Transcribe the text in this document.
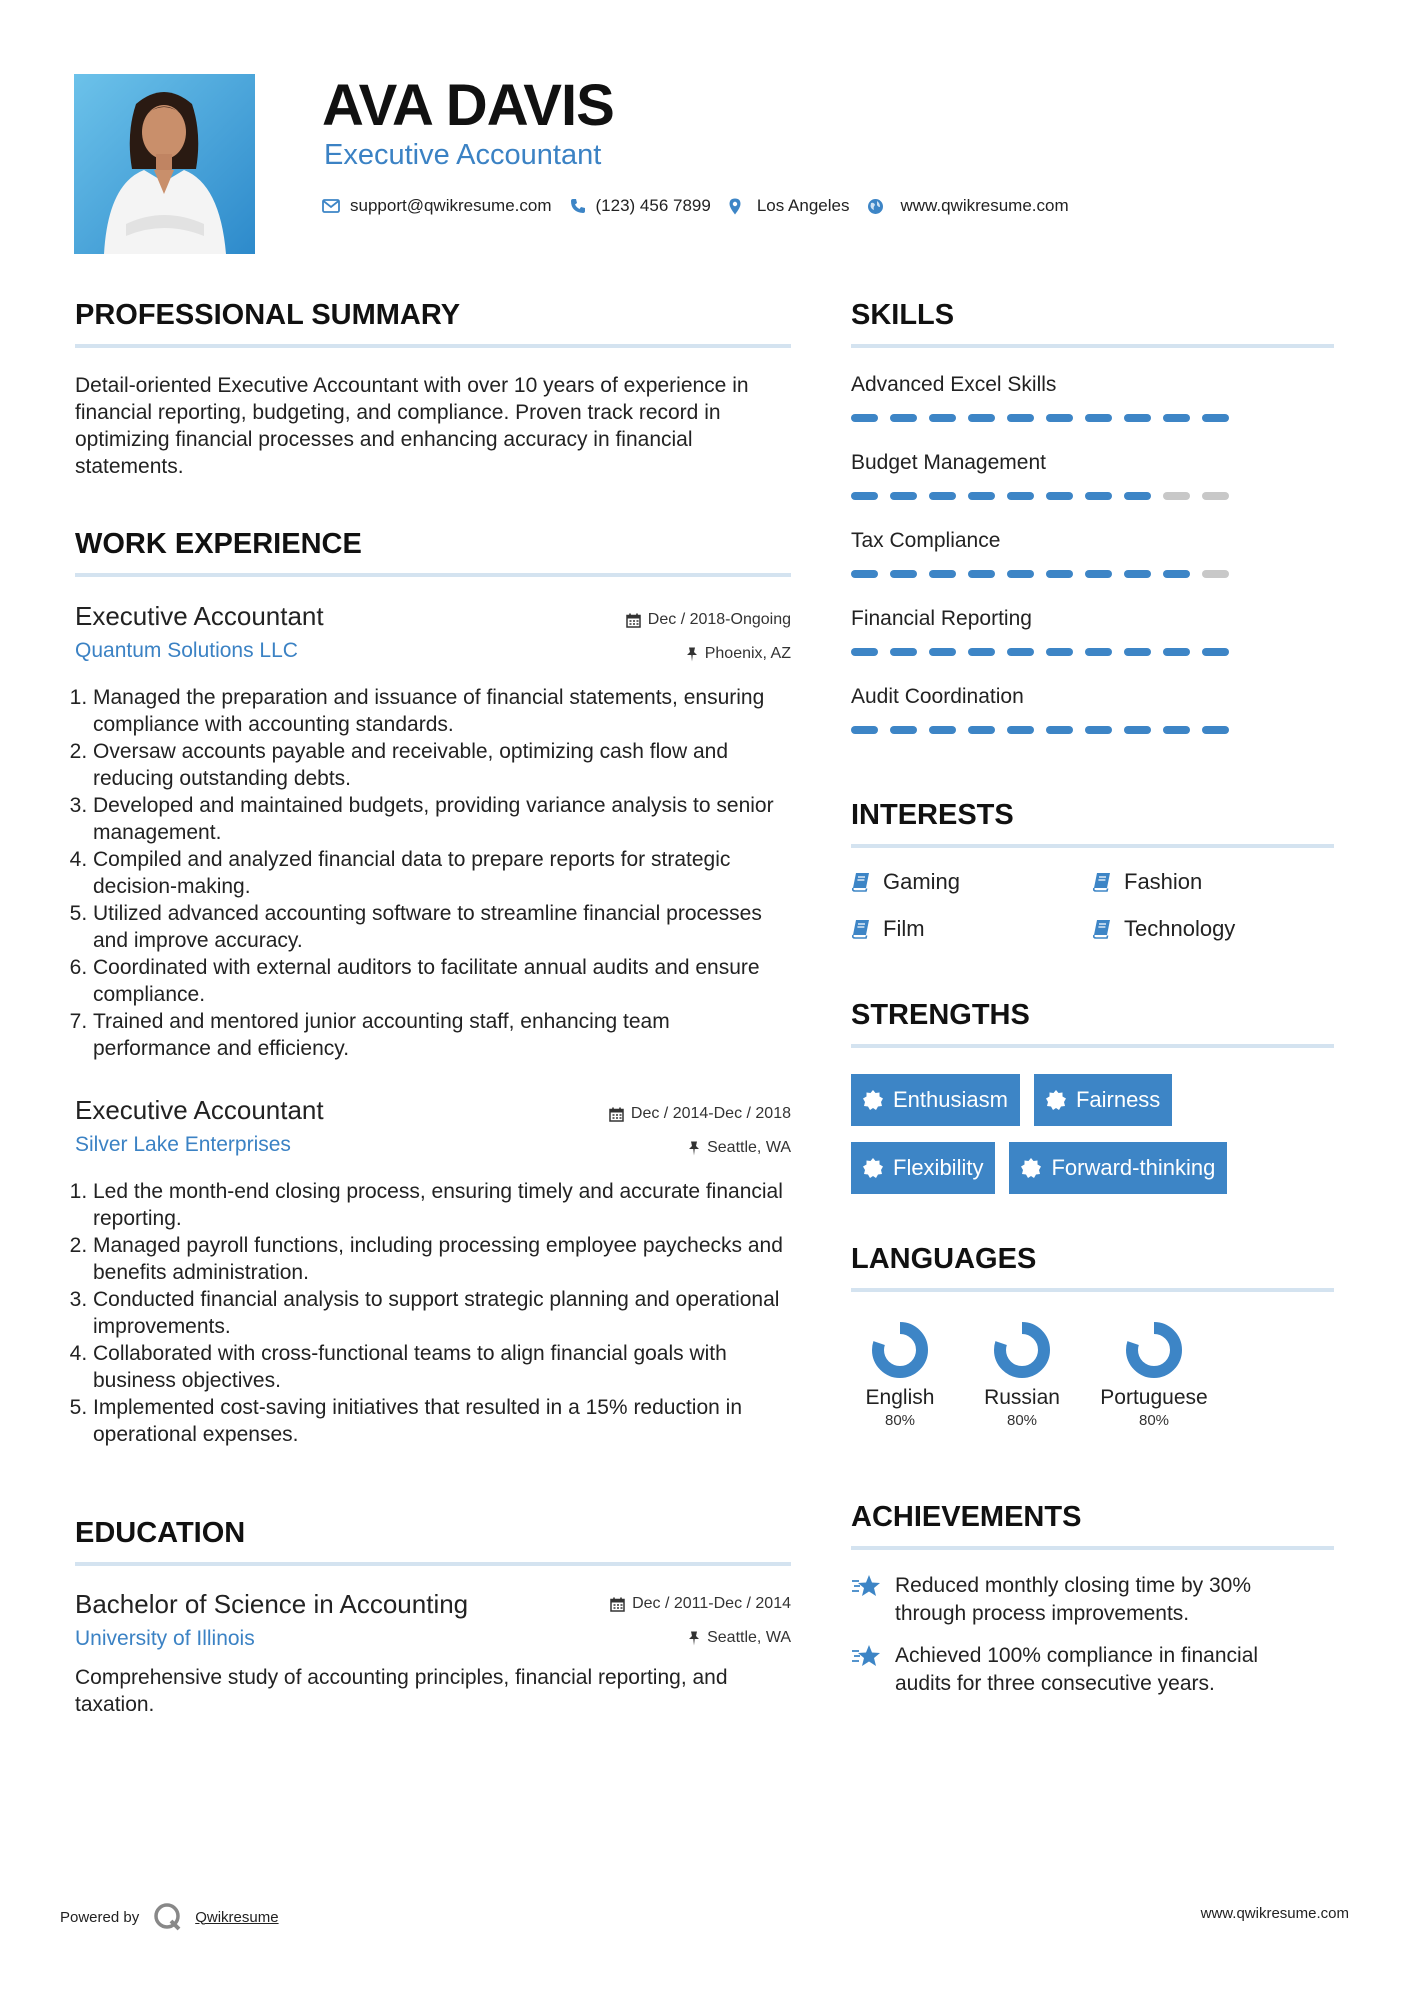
AVA DAVIS
Executive Accountant
support@qwikresume.com	(123) 456 7899	Los Angeles	www.qwikresume.com
PROFESSIONAL SUMMARY
Detail-oriented Executive Accountant with over 10 years of experience in financial reporting, budgeting, and compliance. Proven track record in optimizing financial processes and enhancing accuracy in financial statements.
WORK EXPERIENCE
Executive Accountant
Quantum Solutions LLC
Dec / 2018-Ongoing
Phoenix, AZ
1. Managed the preparation and issuance of financial statements, ensuring compliance with accounting standards.
2. Oversaw accounts payable and receivable, optimizing cash flow and reducing outstanding debts.
3. Developed and maintained budgets, providing variance analysis to senior management.
4. Compiled and analyzed financial data to prepare reports for strategic decision-making.
5. Utilized advanced accounting software to streamline financial processes and improve accuracy.
6. Coordinated with external auditors to facilitate annual audits and ensure compliance.
7. Trained and mentored junior accounting staff, enhancing team performance and efficiency.
Executive Accountant
Silver Lake Enterprises
Dec / 2014-Dec / 2018
Seattle, WA
1. Led the month-end closing process, ensuring timely and accurate financial reporting.
2. Managed payroll functions, including processing employee paychecks and benefits administration.
3. Conducted financial analysis to support strategic planning and operational improvements.
4. Collaborated with cross-functional teams to align financial goals with business objectives.
5. Implemented cost-saving initiatives that resulted in a 15% reduction in operational expenses.
EDUCATION
Bachelor of Science in Accounting
University of Illinois
Dec / 2011-Dec / 2014
Seattle, WA
Comprehensive study of accounting principles, financial reporting, and taxation.
SKILLS
Advanced Excel Skills
Budget Management
Tax Compliance
Financial Reporting
Audit Coordination
INTERESTS
Gaming	Fashion
Film	Technology
STRENGTHS
Enthusiasm	Fairness
Flexibility	Forward-thinking
LANGUAGES
English
80%
Russian
80%
Portuguese
80%
ACHIEVEMENTS
Reduced monthly closing time by 30% through process improvements.
Achieved 100% compliance in financial audits for three consecutive years.
Powered by	Qwikresume	www.qwikresume.com
